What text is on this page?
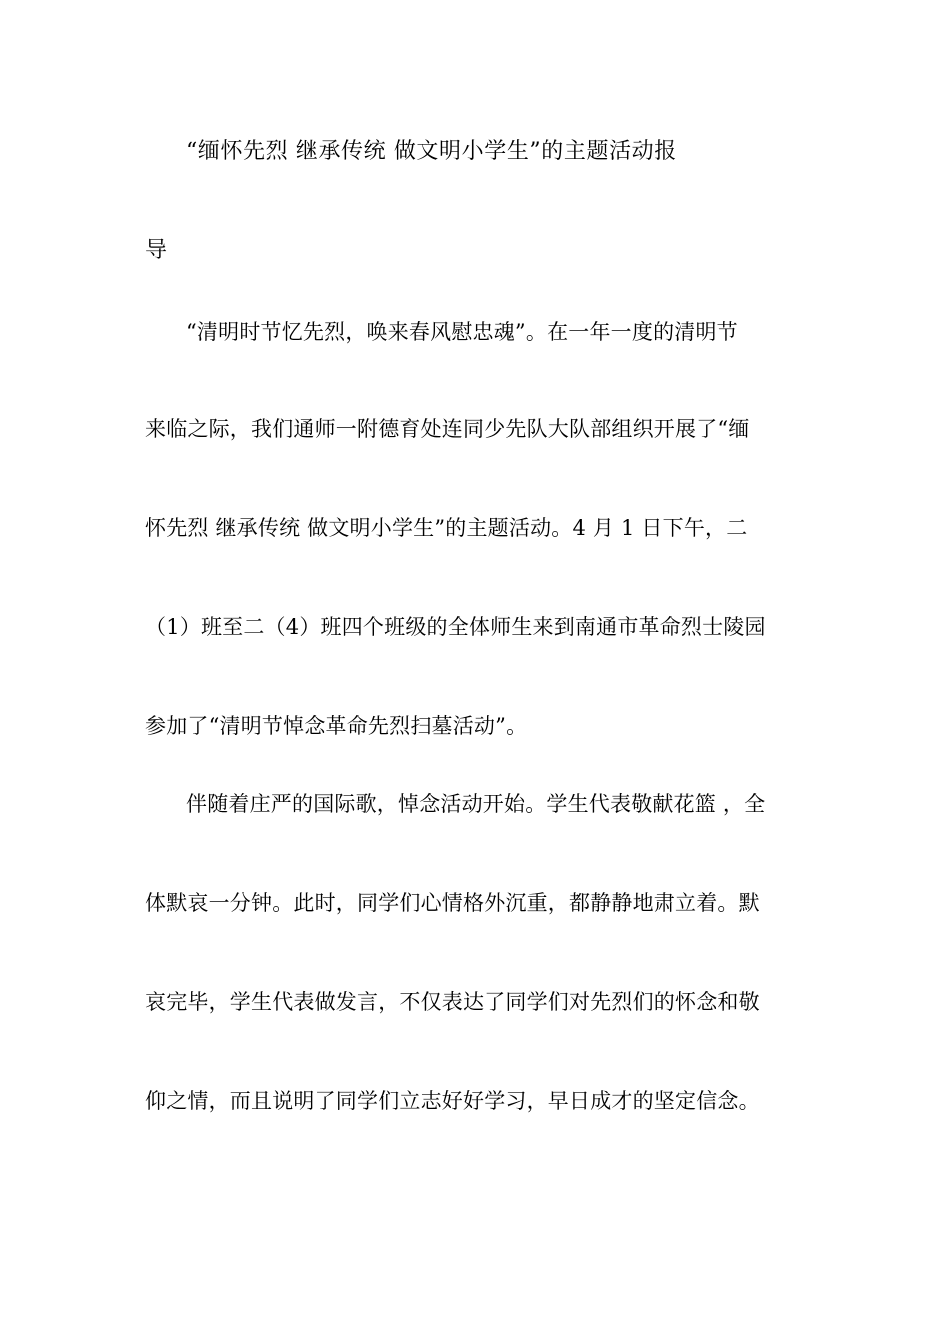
“缅怀先烈 继承传统 做文明小学生”的主题活动报
导

“清明时节忆先烈，唤来春风慰忠魂”。在一年一度的清明节

来临之际，我们通师一附德育处连同少先队大队部组织开展了“缅

怀先烈 继承传统 做文明小学生”的主题活动。4 月 1 日下午，二

（1）班至二（4）班四个班级的全体师生来到南通市革命烈士陵园

参加了“清明节悼念革命先烈扫墓活动”。

伴随着庄严的国际歌，悼念活动开始。学生代表敬献花篮 ，全

体默哀一分钟。此时，同学们心情格外沉重，都静静地肃立着。默

哀完毕，学生代表做发言，不仅表达了同学们对先烈们的怀念和敬

仰之情，而且说明了同学们立志好好学习，早日成才的坚定信念。
